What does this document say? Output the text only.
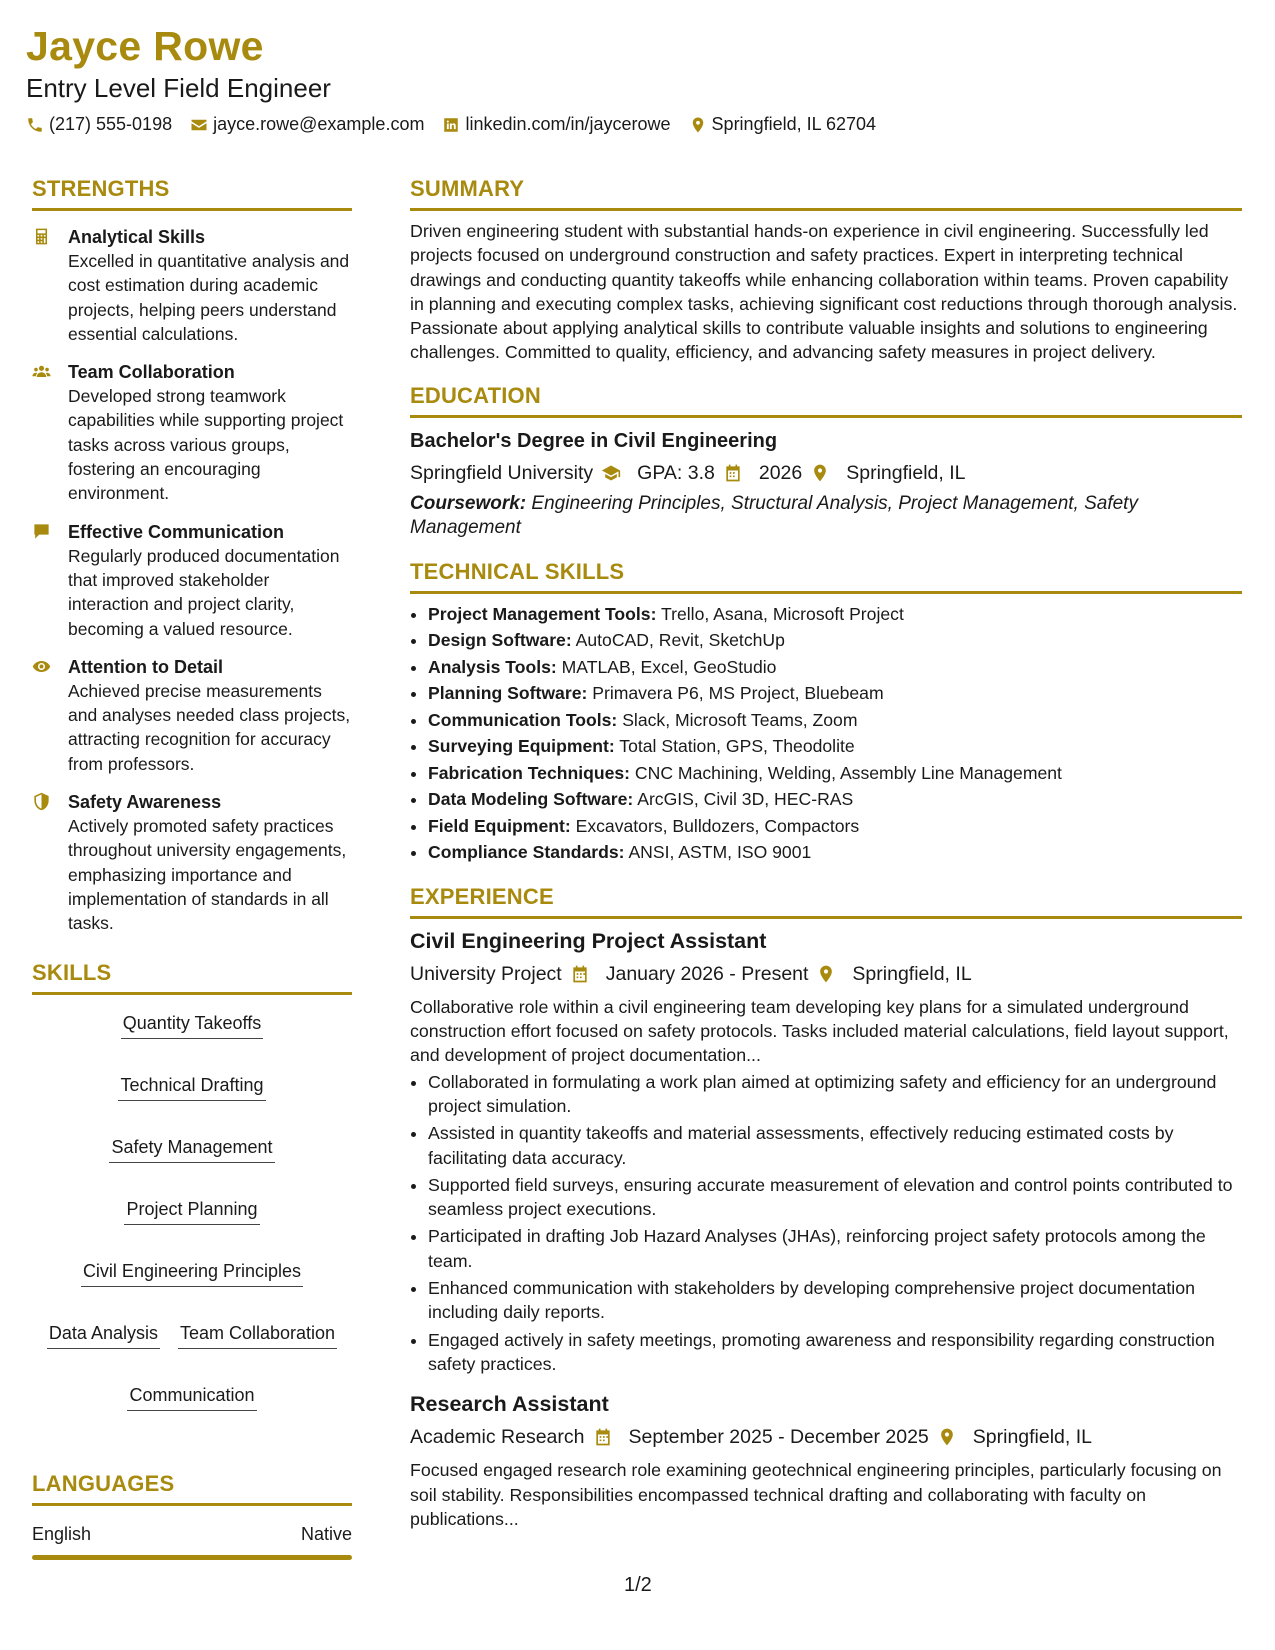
Jayce Rowe
Entry Level Field Engineer
(217) 555-0198 jayce.rowe@example.com linkedin.com/in/jaycerowe Springfield, IL 62704
STRENGTHS
Analytical Skills
Excelled in quantitative analysis and cost estimation during academic projects, helping peers understand essential calculations.
Team Collaboration
Developed strong teamwork capabilities while supporting project tasks across various groups, fostering an encouraging environment.
Effective Communication
Regularly produced documentation that improved stakeholder interaction and project clarity, becoming a valued resource.
Attention to Detail
Achieved precise measurements and analyses needed class projects, attracting recognition for accuracy from professors.
Safety Awareness
Actively promoted safety practices throughout university engagements, emphasizing importance and implementation of standards in all tasks.
SKILLS
Quantity Takeoffs
Technical Drafting
Safety Management
Project Planning
Civil Engineering Principles
Data Analysis Team Collaboration
Communication
LANGUAGES
English	Native
SUMMARY
Driven engineering student with substantial hands-on experience in civil engineering. Successfully led projects focused on underground construction and safety practices. Expert in interpreting technical drawings and conducting quantity takeoffs while enhancing collaboration within teams. Proven capability in planning and executing complex tasks, achieving significant cost reductions through thorough analysis. Passionate about applying analytical skills to contribute valuable insights and solutions to engineering challenges. Committed to quality, efficiency, and advancing safety measures in project delivery.
EDUCATION
Bachelor's Degree in Civil Engineering
Springfield University GPA: 3.8 2026 Springfield, IL
Coursework: Engineering Principles, Structural Analysis, Project Management, Safety Management
TECHNICAL SKILLS
• Project Management Tools: Trello, Asana, Microsoft Project
• Design Software: AutoCAD, Revit, SketchUp
• Analysis Tools: MATLAB, Excel, GeoStudio
• Planning Software: Primavera P6, MS Project, Bluebeam
• Communication Tools: Slack, Microsoft Teams, Zoom
• Surveying Equipment: Total Station, GPS, Theodolite
• Fabrication Techniques: CNC Machining, Welding, Assembly Line Management
• Data Modeling Software: ArcGIS, Civil 3D, HEC-RAS
• Field Equipment: Excavators, Bulldozers, Compactors
• Compliance Standards: ANSI, ASTM, ISO 9001
EXPERIENCE
Civil Engineering Project Assistant
University Project January 2026 - Present Springfield, IL
Collaborative role within a civil engineering team developing key plans for a simulated underground construction effort focused on safety protocols. Tasks included material calculations, field layout support, and development of project documentation...
• Collaborated in formulating a work plan aimed at optimizing safety and efficiency for an underground project simulation.
• Assisted in quantity takeoffs and material assessments, effectively reducing estimated costs by facilitating data accuracy.
• Supported field surveys, ensuring accurate measurement of elevation and control points contributed to seamless project executions.
• Participated in drafting Job Hazard Analyses (JHAs), reinforcing project safety protocols among the team.
• Enhanced communication with stakeholders by developing comprehensive project documentation including daily reports.
• Engaged actively in safety meetings, promoting awareness and responsibility regarding construction safety practices.
Research Assistant
Academic Research September 2025 - December 2025 Springfield, IL
Focused engaged research role examining geotechnical engineering principles, particularly focusing on soil stability. Responsibilities encompassed technical drafting and collaborating with faculty on publications...
1/2
